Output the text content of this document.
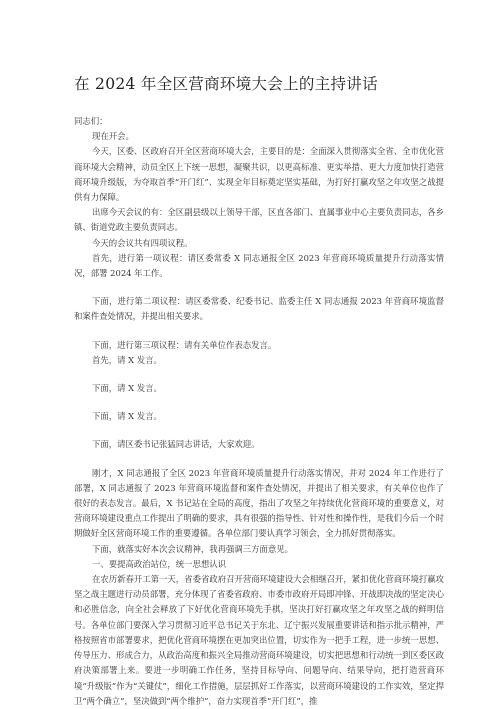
在 2024 年全区营商环境大会上的主持讲话

同志们：

现在开会。

今天，区委、区政府召开全区营商环境大会，主要目的是：全面深入贯彻落实全省、全市优化营商环境大会精神，动员全区上下统一思想，凝聚共识，以更高标准、更实举措、更大力度加快打造营商环境升级版，为夺取首季“开门红”、实现全年目标奠定坚实基础，为打好打赢攻坚之年攻坚之战提供有力保障。

出席今天会议的有：全区副县级以上领导干部，区直各部门、直属事业中心主要负责同志，各乡镇、街道党政主要负责同志。

今天的会议共有四项议程。

首先，进行第一项议程：请区委常委 X 同志通报全区 2023 年营商环境质量提升行动落实情况，部署 2024 年工作。

下面，进行第二项议程：请区委常委、纪委书记、监委主任 X 同志通报 2023 年营商环境监督和案件查处情况，并提出相关要求。

下面，进行第三项议程：请有关单位作表态发言。

首先，请 X 发言。

下面，请 X 发言。

下面，请 X 发言。

下面，请区委书记张猛同志讲话，大家欢迎。

刚才，X 同志通报了全区 2023 年营商环境质量提升行动落实情况，并对 2024 年工作进行了部署，X 同志通报了 2023 年营商环境监督和案件查处情况，并提出了相关要求，有关单位也作了很好的表态发言。最后，X 书记站在全局的高度，指出了攻坚之年持续优化营商环境的重要意义，对营商环境建设重点工作提出了明确的要求，具有很强的指导性、针对性和操作性，是我们今后一个时期做好全区营商环境工作的重要遵循。各单位部门要认真学习领会，全力抓好贯彻落实。

下面，就落实好本次会议精神，我再强调三方面意见。

一、要提高政治站位，统一思想认识

在农历新春开工第一天，省委省政府召开营商环境建设大会相继召开，紧扣优化营商环境打赢攻坚之战主题进行动员部署，充分体现了省委省政府、市委市政府开局即冲锋、开战即决战的坚定决心和必胜信念，向全社会释放了下好优化营商环境先手棋，坚决打好打赢攻坚之年攻坚之战的鲜明信号。各单位部门要深入学习贯彻习近平总书记关于东北、辽宁振兴发展重要讲话和指示批示精神，严格按照省市部署要求，把优化营商环境摆在更加突出位置，切实作为一把手工程，进一步统一思想、传导压力、形成合力，从政治高度和振兴全局推动营商环境建设，切实把思想和行动统一到区委区政府决策部署上来。要进一步明确工作任务，坚持目标导向、问题导向、结果导向，把打造营商环境“升级版”作为“关键仗”，细化工作措施，层层抓好工作落实，以营商环境建设的工作实效，坚定捍卫“两个确立”，坚决做到“两个维护”，奋力实现首季“开门红”，推
